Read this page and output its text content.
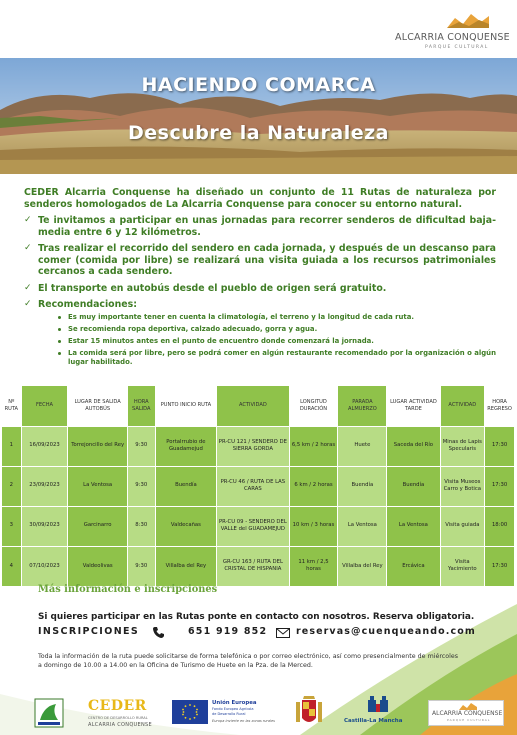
ALCARRIA CONQUENSE
PARQUE CULTURAL
HACIENDO COMARCA
Descubre la Naturaleza
CEDER Alcarria Conquense ha diseñado un conjunto de 11 Rutas de naturaleza por senderos homologados de La Alcarria Conquense para conocer su entorno natural.
✓ Te invitamos a participar en unas jornadas para recorrer senderos de dificultad baja-media entre 6 y 12 kilómetros.
✓ Tras realizar el recorrido del sendero en cada jornada, y después de un descanso para comer (comida por libre) se realizará una visita guiada a los recursos patrimoniales cercanos a cada sendero.
✓ El transporte en autobús desde el pueblo de origen será gratuito.
✓ Recomendaciones:
Es muy importante tener en cuenta la climatología, el terreno y la longitud de cada ruta.
Se recomienda ropa deportiva, calzado adecuado, gorra y agua.
Estar 15 minutos antes en el punto de encuentro donde comenzará la jornada.
La comida será por libre, pero se podrá comer en algún restaurante recomendado por la organización o algún lugar habilitado.
Nº RUTA	FECHA	LUGAR DE SALIDA AUTOBÚS	HORA SALIDA	PUNTO INICIO RUTA	ACTIVIDAD	LONGITUD DURACIÓN	PARADA ALMUERZO	LUGAR ACTIVIDAD TARDE	ACTIVIDAD	HORA REGRESO
1	16/09/2023	Torrejoncillo del Rey	9:30	Portalrrubio de Guadamejud	PR-CU 121 / SENDERO DE SIERRA GORDA	6,5 km / 2 horas	Huete	Saceda del Río	Minas de Lapis Specularis	17:30
2	23/09/2023	La Ventosa	9:30	Buendía	PR-CU 46 / RUTA DE LAS CARAS	6 km / 2 horas	Buendía	Buendía	Visita Museos Carro y Botica	17:30
3	30/09/2023	Garcinarro	8:30	Valdecañas	PR-CU 09 - SENDERO DEL VALLE del GUADAMEJUD	10 km / 3 horas	La Ventosa	La Ventosa	Visita guiada	18:00
4	07/10/2023	Valdeolivas	9:30	Villalba del Rey	GR-CU 163 / RUTA DEL CRISTAL DE HISPANIA	11 km / 2,5 horas	Villalba del Rey	Ercávica	Visita Yacimiento	17:30
Más información e inscripciones
Si quieres participar en las Rutas ponte en contacto con nosotros. Reserva obligatoria.
INSCRIPCIONES	651 919 852	reservas@cuenqueando.com
Toda la información de la ruta puede solicitarse de forma telefónica o por correo electrónico, así como presencialmente de miércoles a domingo de 10.00 a 14.00 en la Oficina de Turismo de Huete en la Pza. de la Merced.
CEDER
CENTRO DE DESARROLLO RURAL
ALCARRIA CONQUENSE
Unión Europea
Fondo Europeo Agrícola
de Desarrollo Rural
Europa invierte en las zonas rurales	Castilla-La Mancha
ALCARRIA CONQUENSE
PARQUE CULTURAL
